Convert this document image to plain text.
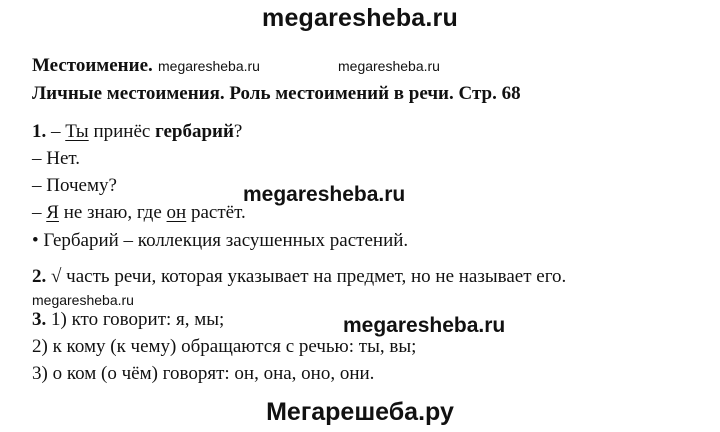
megaresheba.ru
Местоимение. megaresheba.ru	megaresheba.ru
Личные местоимения. Роль местоимений в речи. Стр. 68
1. – Ты принёс гербарий?
– Нет.
– Почему?	megaresheba.ru
– Я не знаю, где он растёт.
• Гербарий – коллекция засушенных растений.
2. √ часть речи, которая указывает на предмет, но не называет его.
megaresheba.ru
3. 1) кто говорит: я, мы;	megaresheba.ru
2) к кому (к чему) обращаются с речью: ты, вы;
3) о ком (о чём) говорят: он, она, оно, они.
Мегарешеба.ру
